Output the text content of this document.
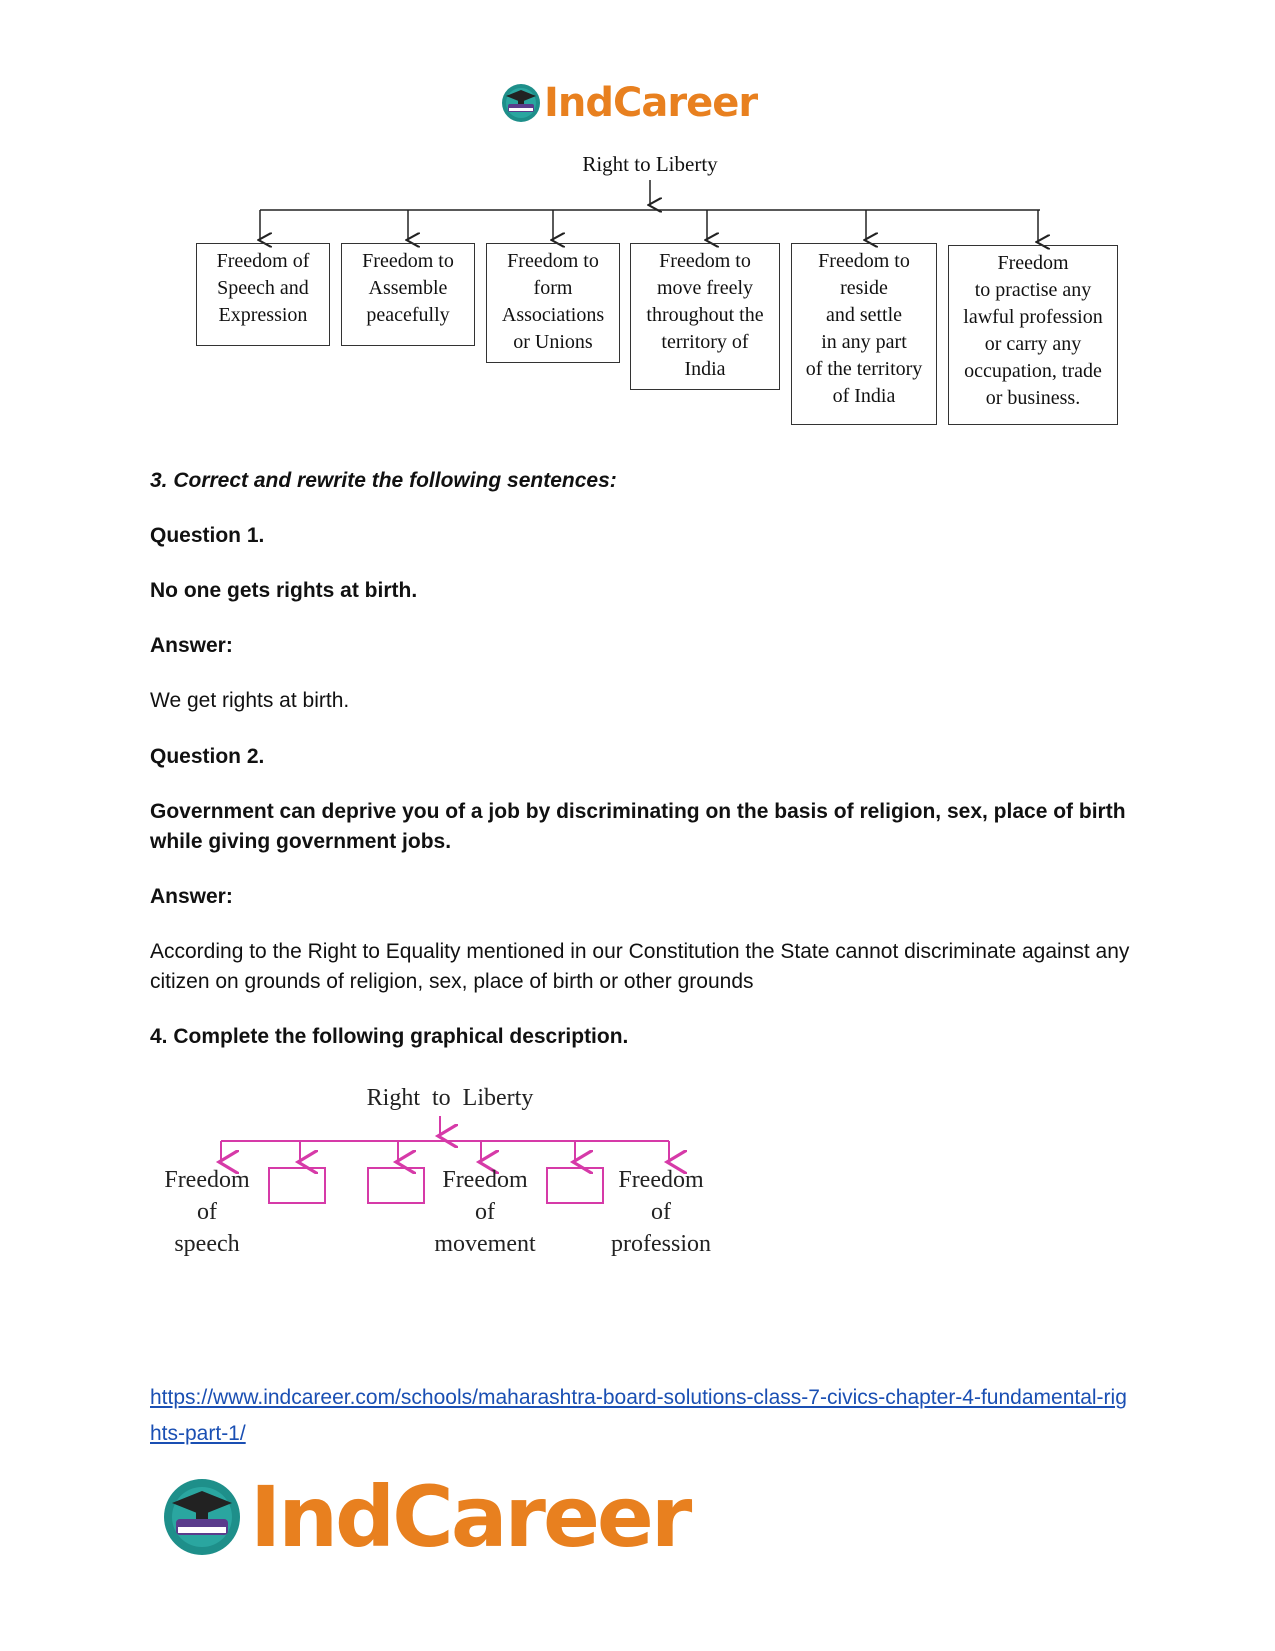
IndCareer
Right to Liberty
Freedom of
Speech and
Expression
Freedom to
Assemble
peacefully
Freedom to
form
Associations
or Unions
Freedom to
move freely
throughout the
territory of
India
Freedom to
reside
and settle
in any part
of the territory
of India
Freedom
to practise any
lawful profession
or carry any
occupation, trade
or business.
3. Correct and rewrite the following sentences:
Question 1.
No one gets rights at birth.
Answer:
We get rights at birth.
Question 2.
Government can deprive you of a job by discriminating on the basis of religion, sex, place of birth while giving government jobs.
Answer:
According to the Right to Equality mentioned in our Constitution the State cannot discriminate against any citizen on grounds of religion, sex, place of birth or other grounds
4. Complete the following graphical description.
Right to Liberty
Freedom
of
speech
Freedom
of
movement
Freedom
of
profession
https://www.indcareer.com/schools/maharashtra-board-solutions-class-7-civics-chapter-4-fundamental-rights-part-1/
IndCareer
